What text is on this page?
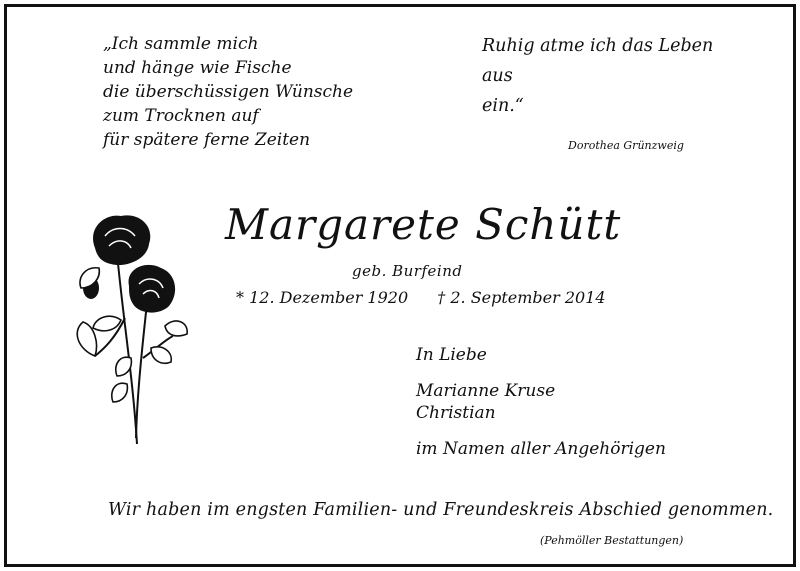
„Ich sammle mich
und hänge wie Fische
die überschüssigen Wünsche
zum Trocknen auf
für spätere ferne Zeiten
Ruhig atme ich das Leben
aus
ein.“
Dorothea Grünzweig
Margarete Schütt
geb. Burfeind
* 12. Dezember 1920 † 2. September 2014
In Liebe
Marianne Kruse
Christian
im Namen aller Angehörigen
Wir haben im engsten Familien- und Freundeskreis Abschied genommen.
(Pehmöller Bestattungen)
